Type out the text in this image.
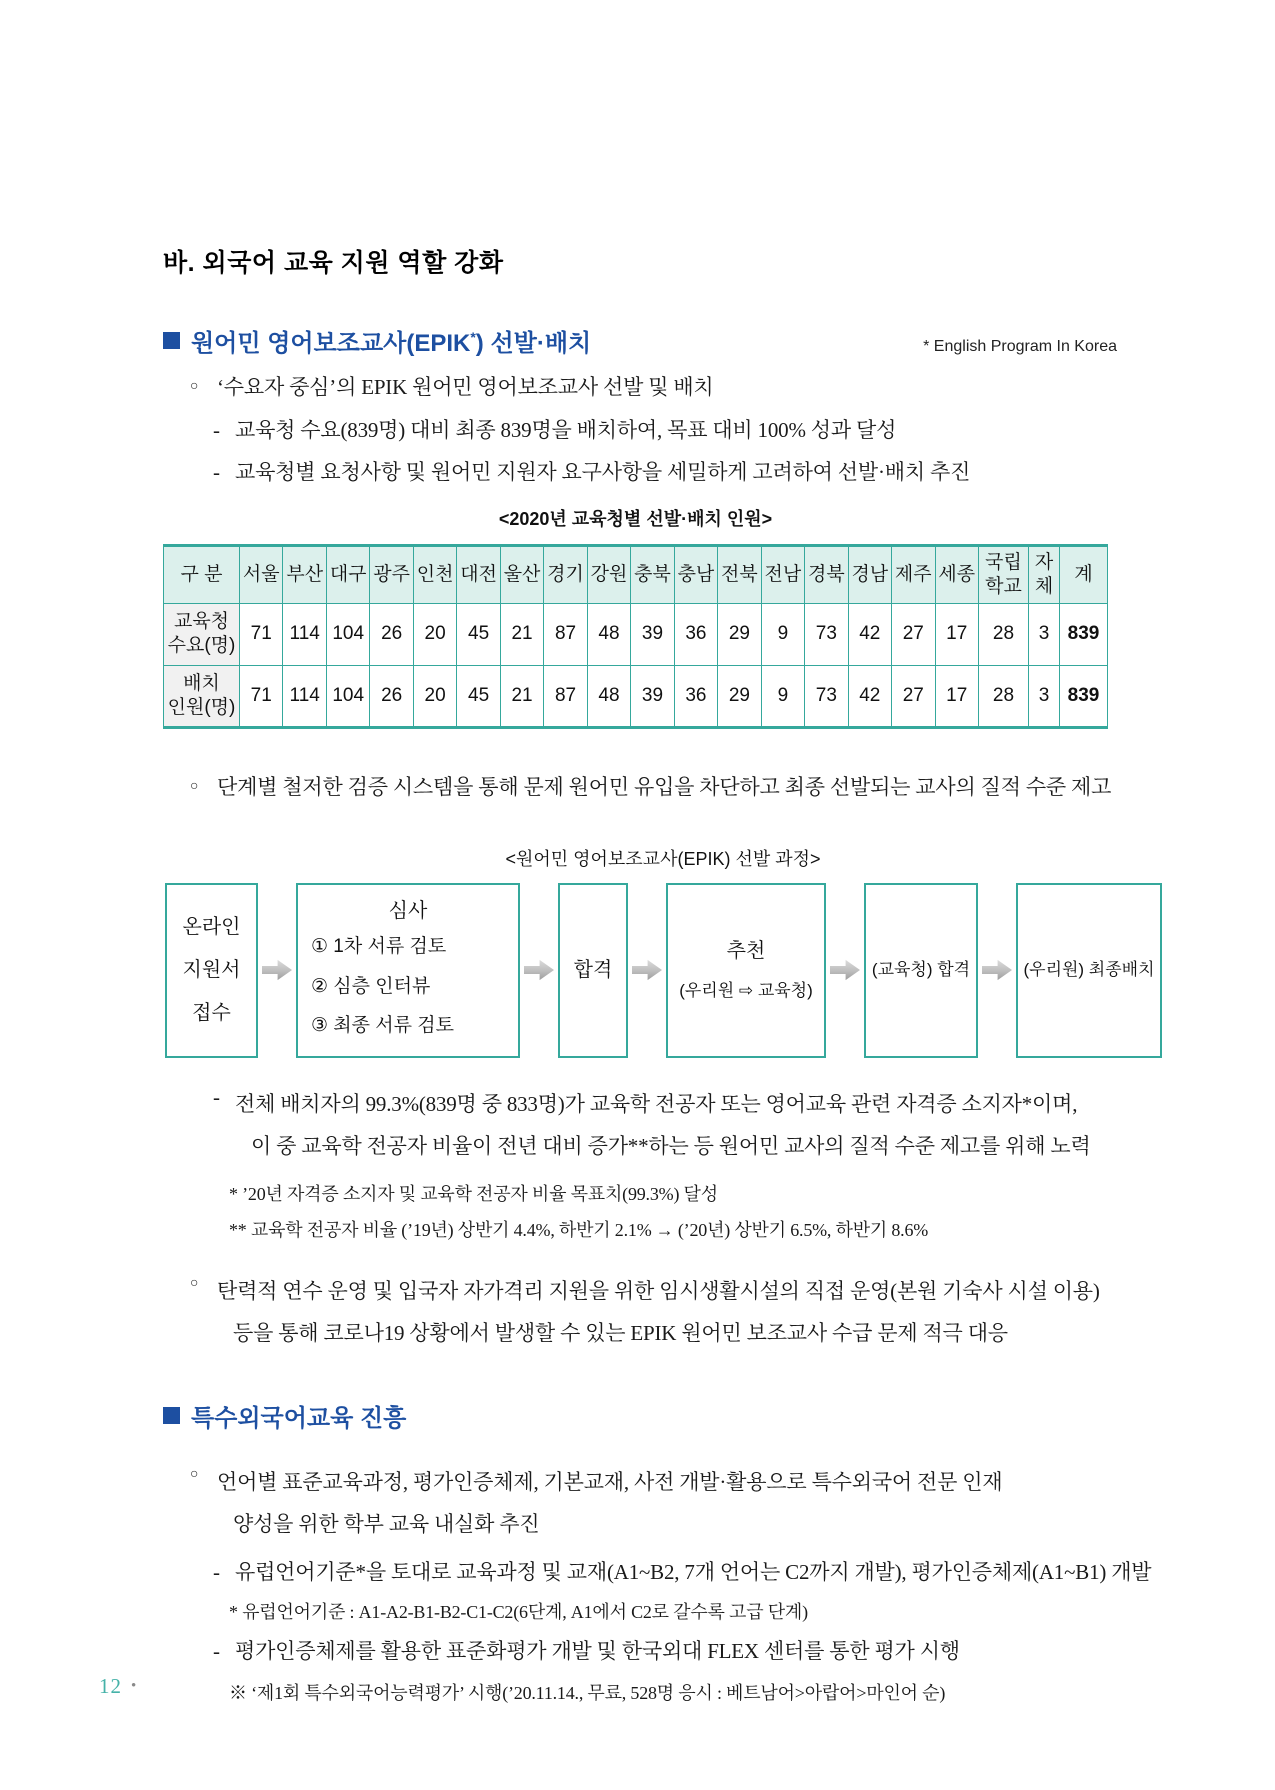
바. 외국어 교육 지원 역할 강화
원어민 영어보조교사(EPIK*) 선발·배치	* English Program In Korea
○ ‘수요자 중심’의 EPIK 원어민 영어보조교사 선발 및 배치
- 교육청 수요(839명) 대비 최종 839명을 배치하여, 목표 대비 100% 성과 달성
- 교육청별 요청사항 및 원어민 지원자 요구사항을 세밀하게 고려하여 선발·배치 추진
<2020년 교육청별 선발·배치 인원>
구 분	서울	부산	대구	광주	인천	대전	울산	경기	강원	충북	충남	전북	전남	경북	경남	제주	세종	국립학교	자체	계
교육청
수요(명)	71	114	104	26	20	45	21	87	48	39	36	29	9	73	42	27	17	28	3	839
배치
인원(명)	71	114	104	26	20	45	21	87	48	39	36	29	9	73	42	27	17	28	3	839
○ 단계별 철저한 검증 시스템을 통해 문제 원어민 유입을 차단하고 최종 선발되는 교사의 질적 수준 제고
<원어민 영어보조교사(EPIK) 선발 과정>
온라인
지원서
접수
심사
① 1차 서류 검토
② 심층 인터뷰
③ 최종 서류 검토
합격
추천
(우리원 ⇨ 교육청)
(교육청) 합격	(우리원) 최종배치
- 전체 배치자의 99.3%(839명 중 833명)가 교육학 전공자 또는 영어교육 관련 자격증 소지자*이며,
이 중 교육학 전공자 비율이 전년 대비 증가**하는 등 원어민 교사의 질적 수준 제고를 위해 노력
* ’20년 자격증 소지자 및 교육학 전공자 비율 목표치(99.3%) 달성
** 교육학 전공자 비율 (’19년) 상반기 4.4%, 하반기 2.1% → (’20년) 상반기 6.5%, 하반기 8.6%
○ 탄력적 연수 운영 및 입국자 자가격리 지원을 위한 임시생활시설의 직접 운영(본원 기숙사 시설 이용)
등을 통해 코로나19 상황에서 발생할 수 있는 EPIK 원어민 보조교사 수급 문제 적극 대응
특수외국어교육 진흥
○ 언어별 표준교육과정, 평가인증체제, 기본교재, 사전 개발·활용으로 특수외국어 전문 인재
양성을 위한 학부 교육 내실화 추진
- 유럽언어기준*을 토대로 교육과정 및 교재(A1~B2, 7개 언어는 C2까지 개발), 평가인증체제(A1~B1) 개발
* 유럽언어기준 : A1-A2-B1-B2-C1-C2(6단계, A1에서 C2로 갈수록 고급 단계)
- 평가인증체제를 활용한 표준화평가 개발 및 한국외대 FLEX 센터를 통한 평가 시행
※ ‘제1회 특수외국어능력평가’ 시행(’20.11.14., 무료, 528명 응시 : 베트남어>아랍어>마인어 순)
12 •
